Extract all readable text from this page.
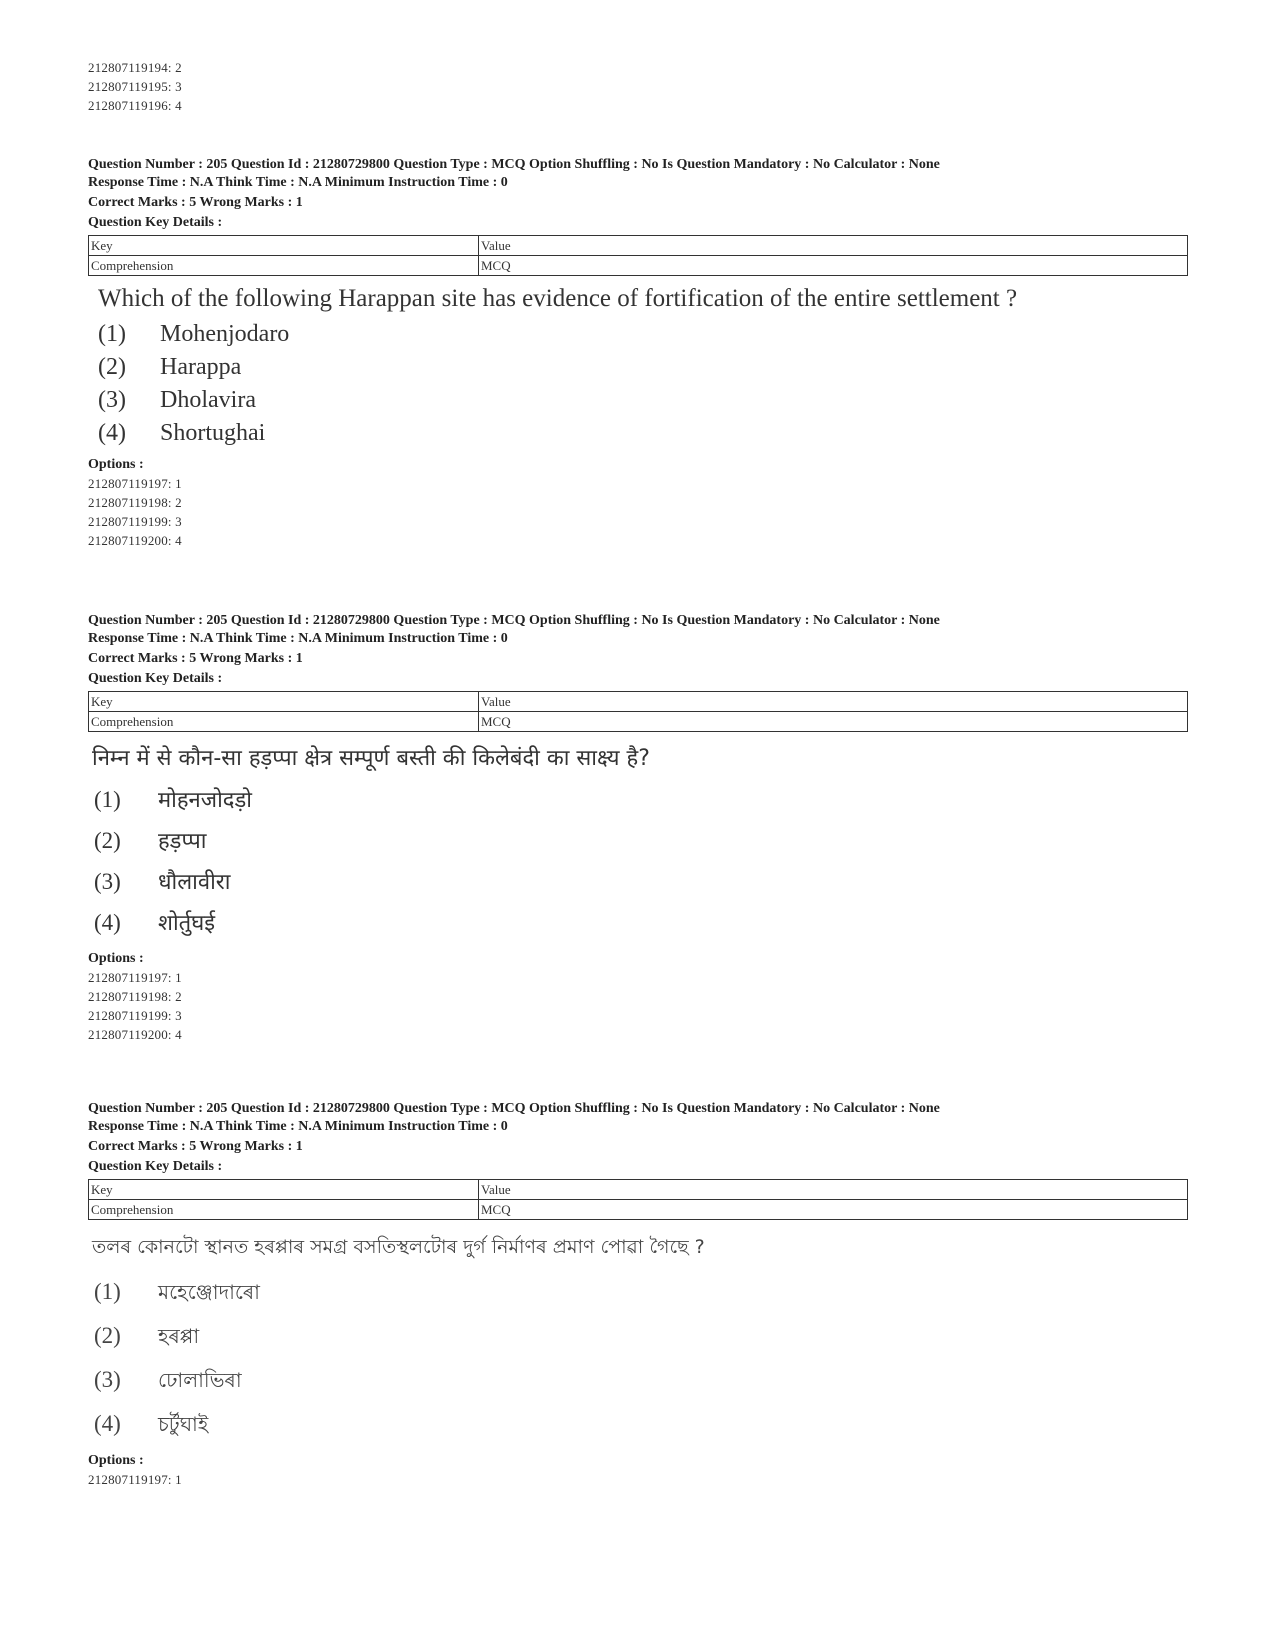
212807119194: 2
212807119195: 3
212807119196: 4
Question Number : 205 Question Id : 21280729800 Question Type : MCQ Option Shuffling : No Is Question Mandatory : No Calculator : None
Response Time : N.A Think Time : N.A Minimum Instruction Time : 0
Correct Marks : 5 Wrong Marks : 1
Question Key Details :
Key	Value
Comprehension	MCQ
Which of the following Harappan site has evidence of fortification of the entire settlement ?
(1) Mohenjodaro
(2) Harappa
(3) Dholavira
(4) Shortughai
Options :
212807119197: 1
212807119198: 2
212807119199: 3
212807119200: 4
Question Number : 205 Question Id : 21280729800 Question Type : MCQ Option Shuffling : No Is Question Mandatory : No Calculator : None
Response Time : N.A Think Time : N.A Minimum Instruction Time : 0
Correct Marks : 5 Wrong Marks : 1
Question Key Details :
Key	Value
Comprehension	MCQ
निम्न में से कौन-सा हड़प्पा क्षेत्र सम्पूर्ण बस्ती की किलेबंदी का साक्ष्य है?
(1) मोहनजोदड़ो
(2) हड़प्पा
(3) धौलावीरा
(4) शोर्तुघई
Options :
212807119197: 1
212807119198: 2
212807119199: 3
212807119200: 4
Question Number : 205 Question Id : 21280729800 Question Type : MCQ Option Shuffling : No Is Question Mandatory : No Calculator : None
Response Time : N.A Think Time : N.A Minimum Instruction Time : 0
Correct Marks : 5 Wrong Marks : 1
Question Key Details :
Key	Value
Comprehension	MCQ
তলৰ কোনটো স্থানত হৰপ্পাৰ সমগ্ৰ বসতিস্থলটোৰ দুৰ্গ নিৰ্মাণৰ প্ৰমাণ পোৱা গৈছে ?
(1) মহেঞ্জোদাৰো
(2) হৰপ্পা
(3) ঢোলাভিৰা
(4) চৰ্টুঘাই
Options :
212807119197: 1
